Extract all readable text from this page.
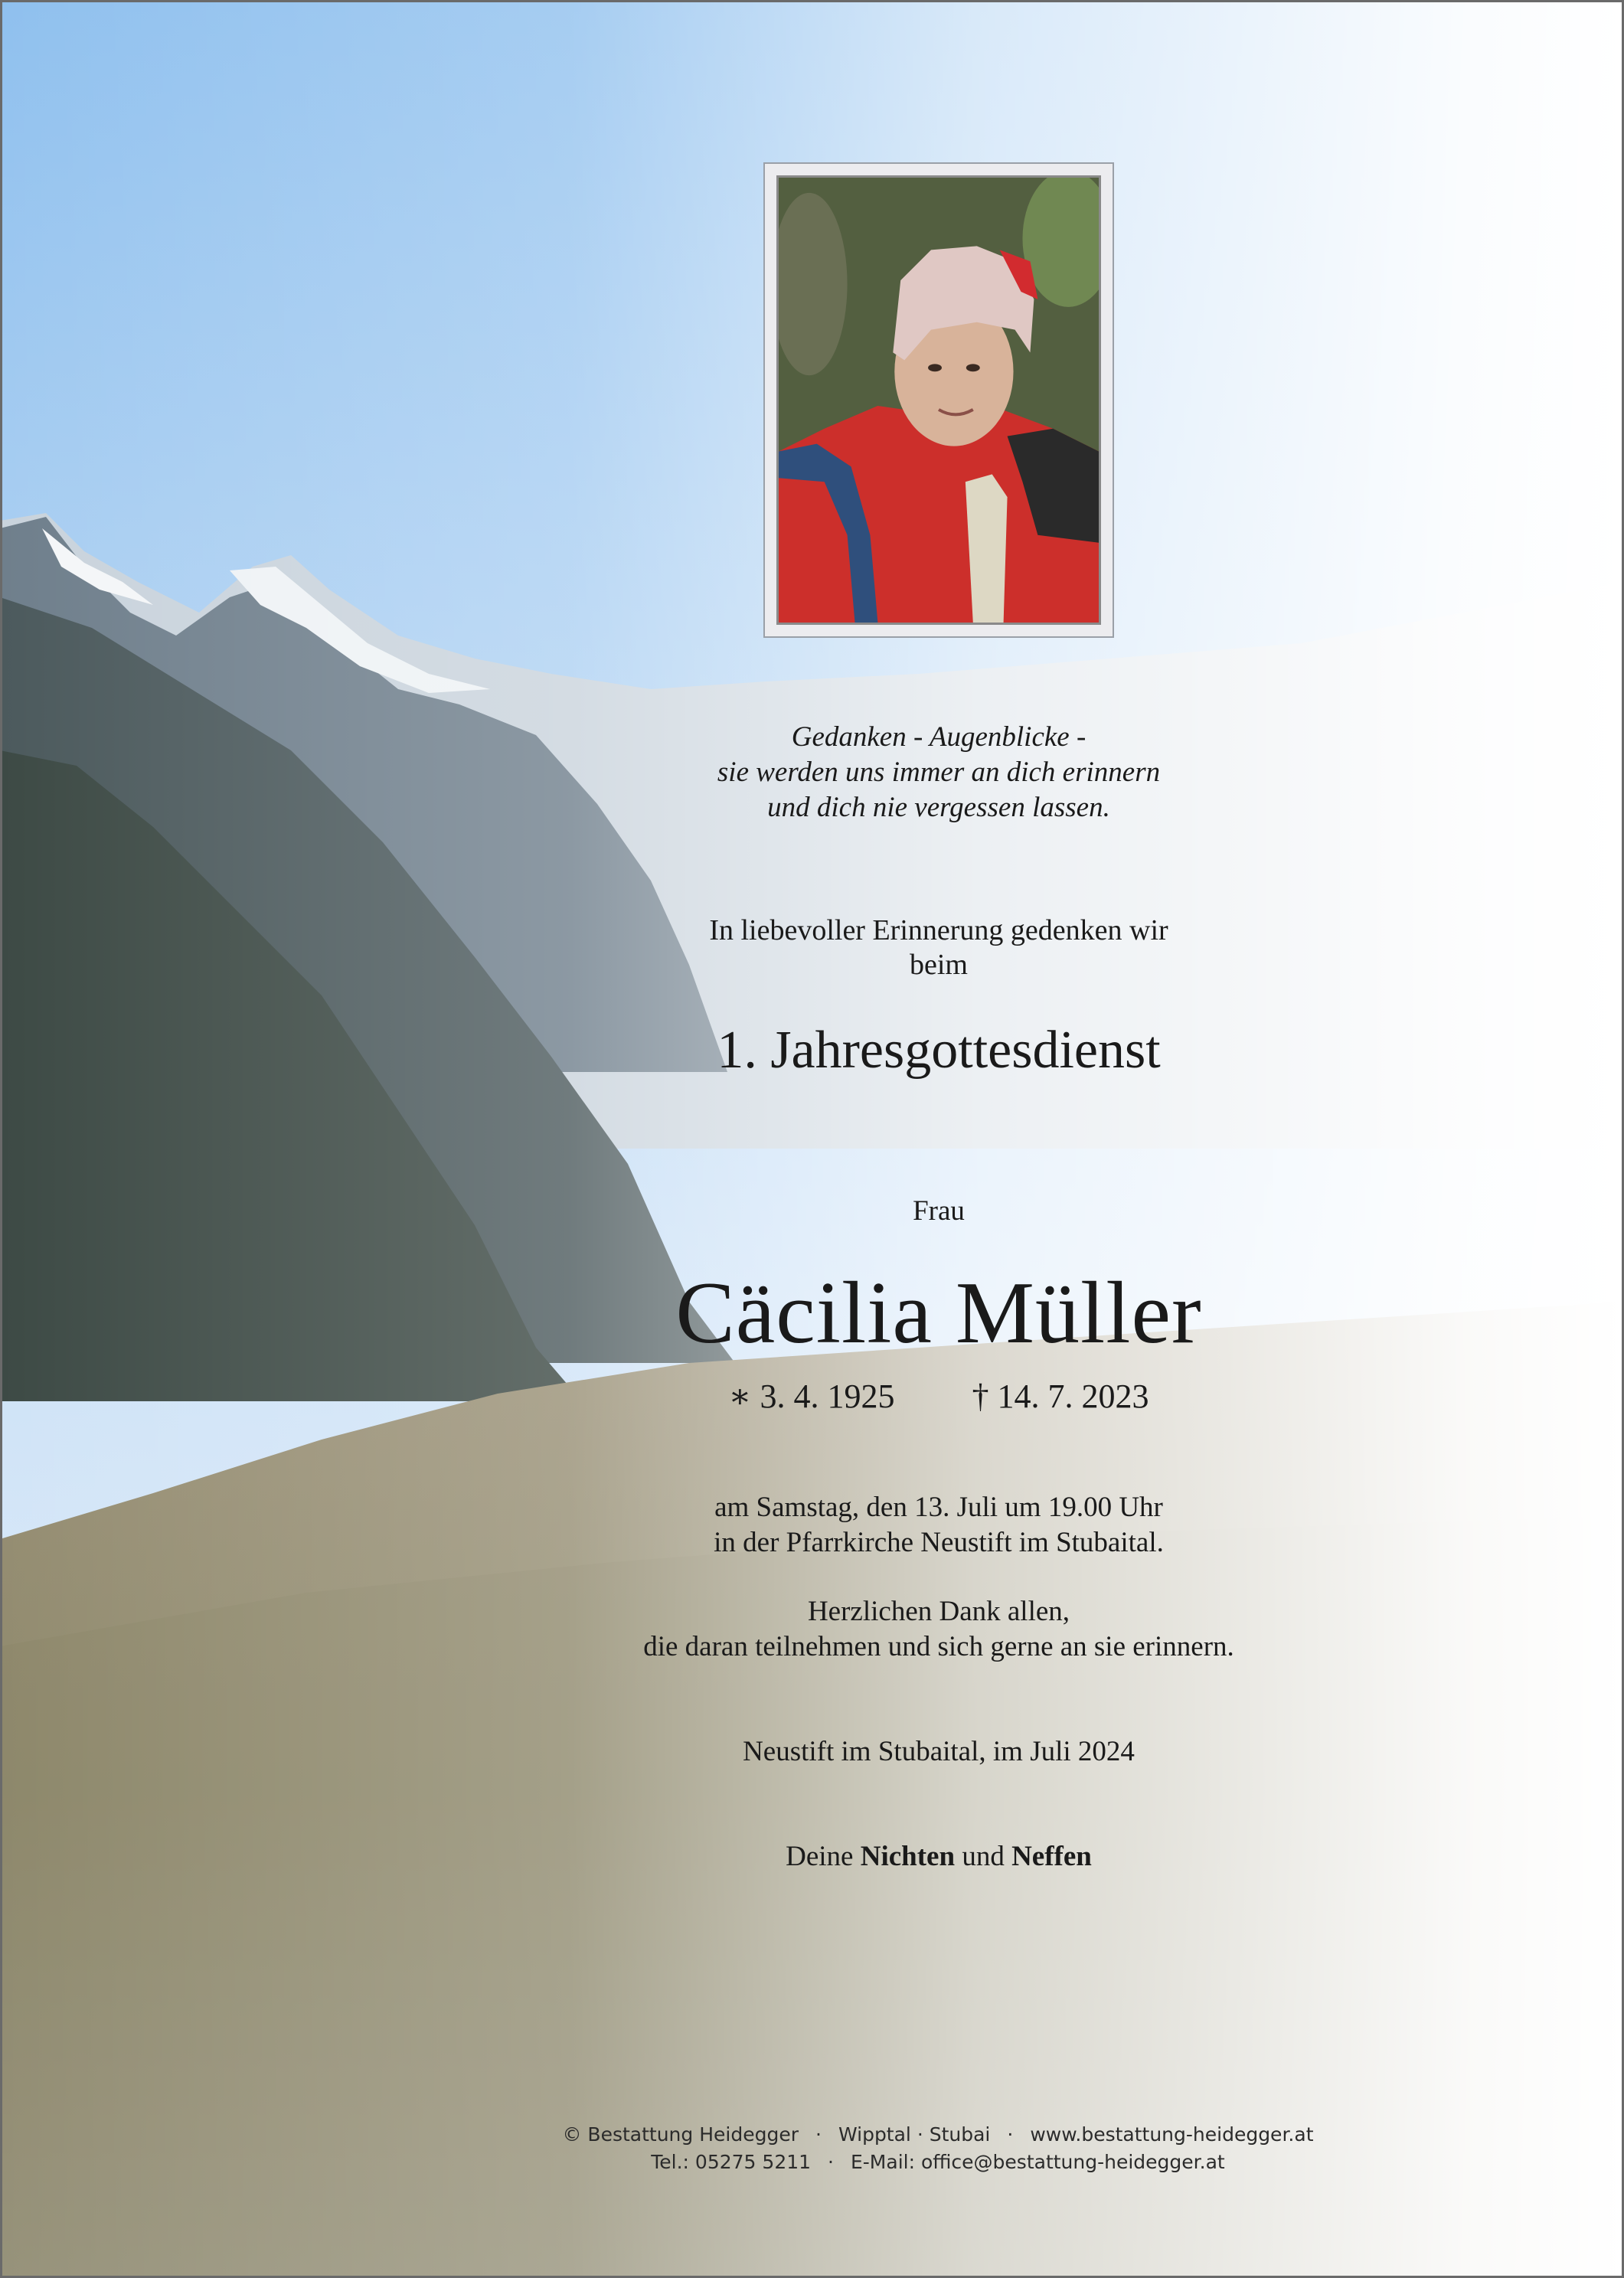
Gedanken - Augenblicke -
sie werden uns immer an dich erinnern
und dich nie vergessen lassen.
In liebevoller Erinnerung gedenken wir
beim
1. Jahresgottesdienst
Frau
Cäcilia Müller
∗ 3. 4. 1925 † 14. 7. 2023
am Samstag, den 13. Juli um 19.00 Uhr
in der Pfarrkirche Neustift im Stubaital.
Herzlichen Dank allen,
die daran teilnehmen und sich gerne an sie erinnern.
Neustift im Stubaital, im Juli 2024
Deine Nichten und Neffen
© Bestattung Heidegger · Wipptal · Stubai · www.bestattung-heidegger.at
Tel.: 05275 5211 · E-Mail: office@bestattung-heidegger.at
